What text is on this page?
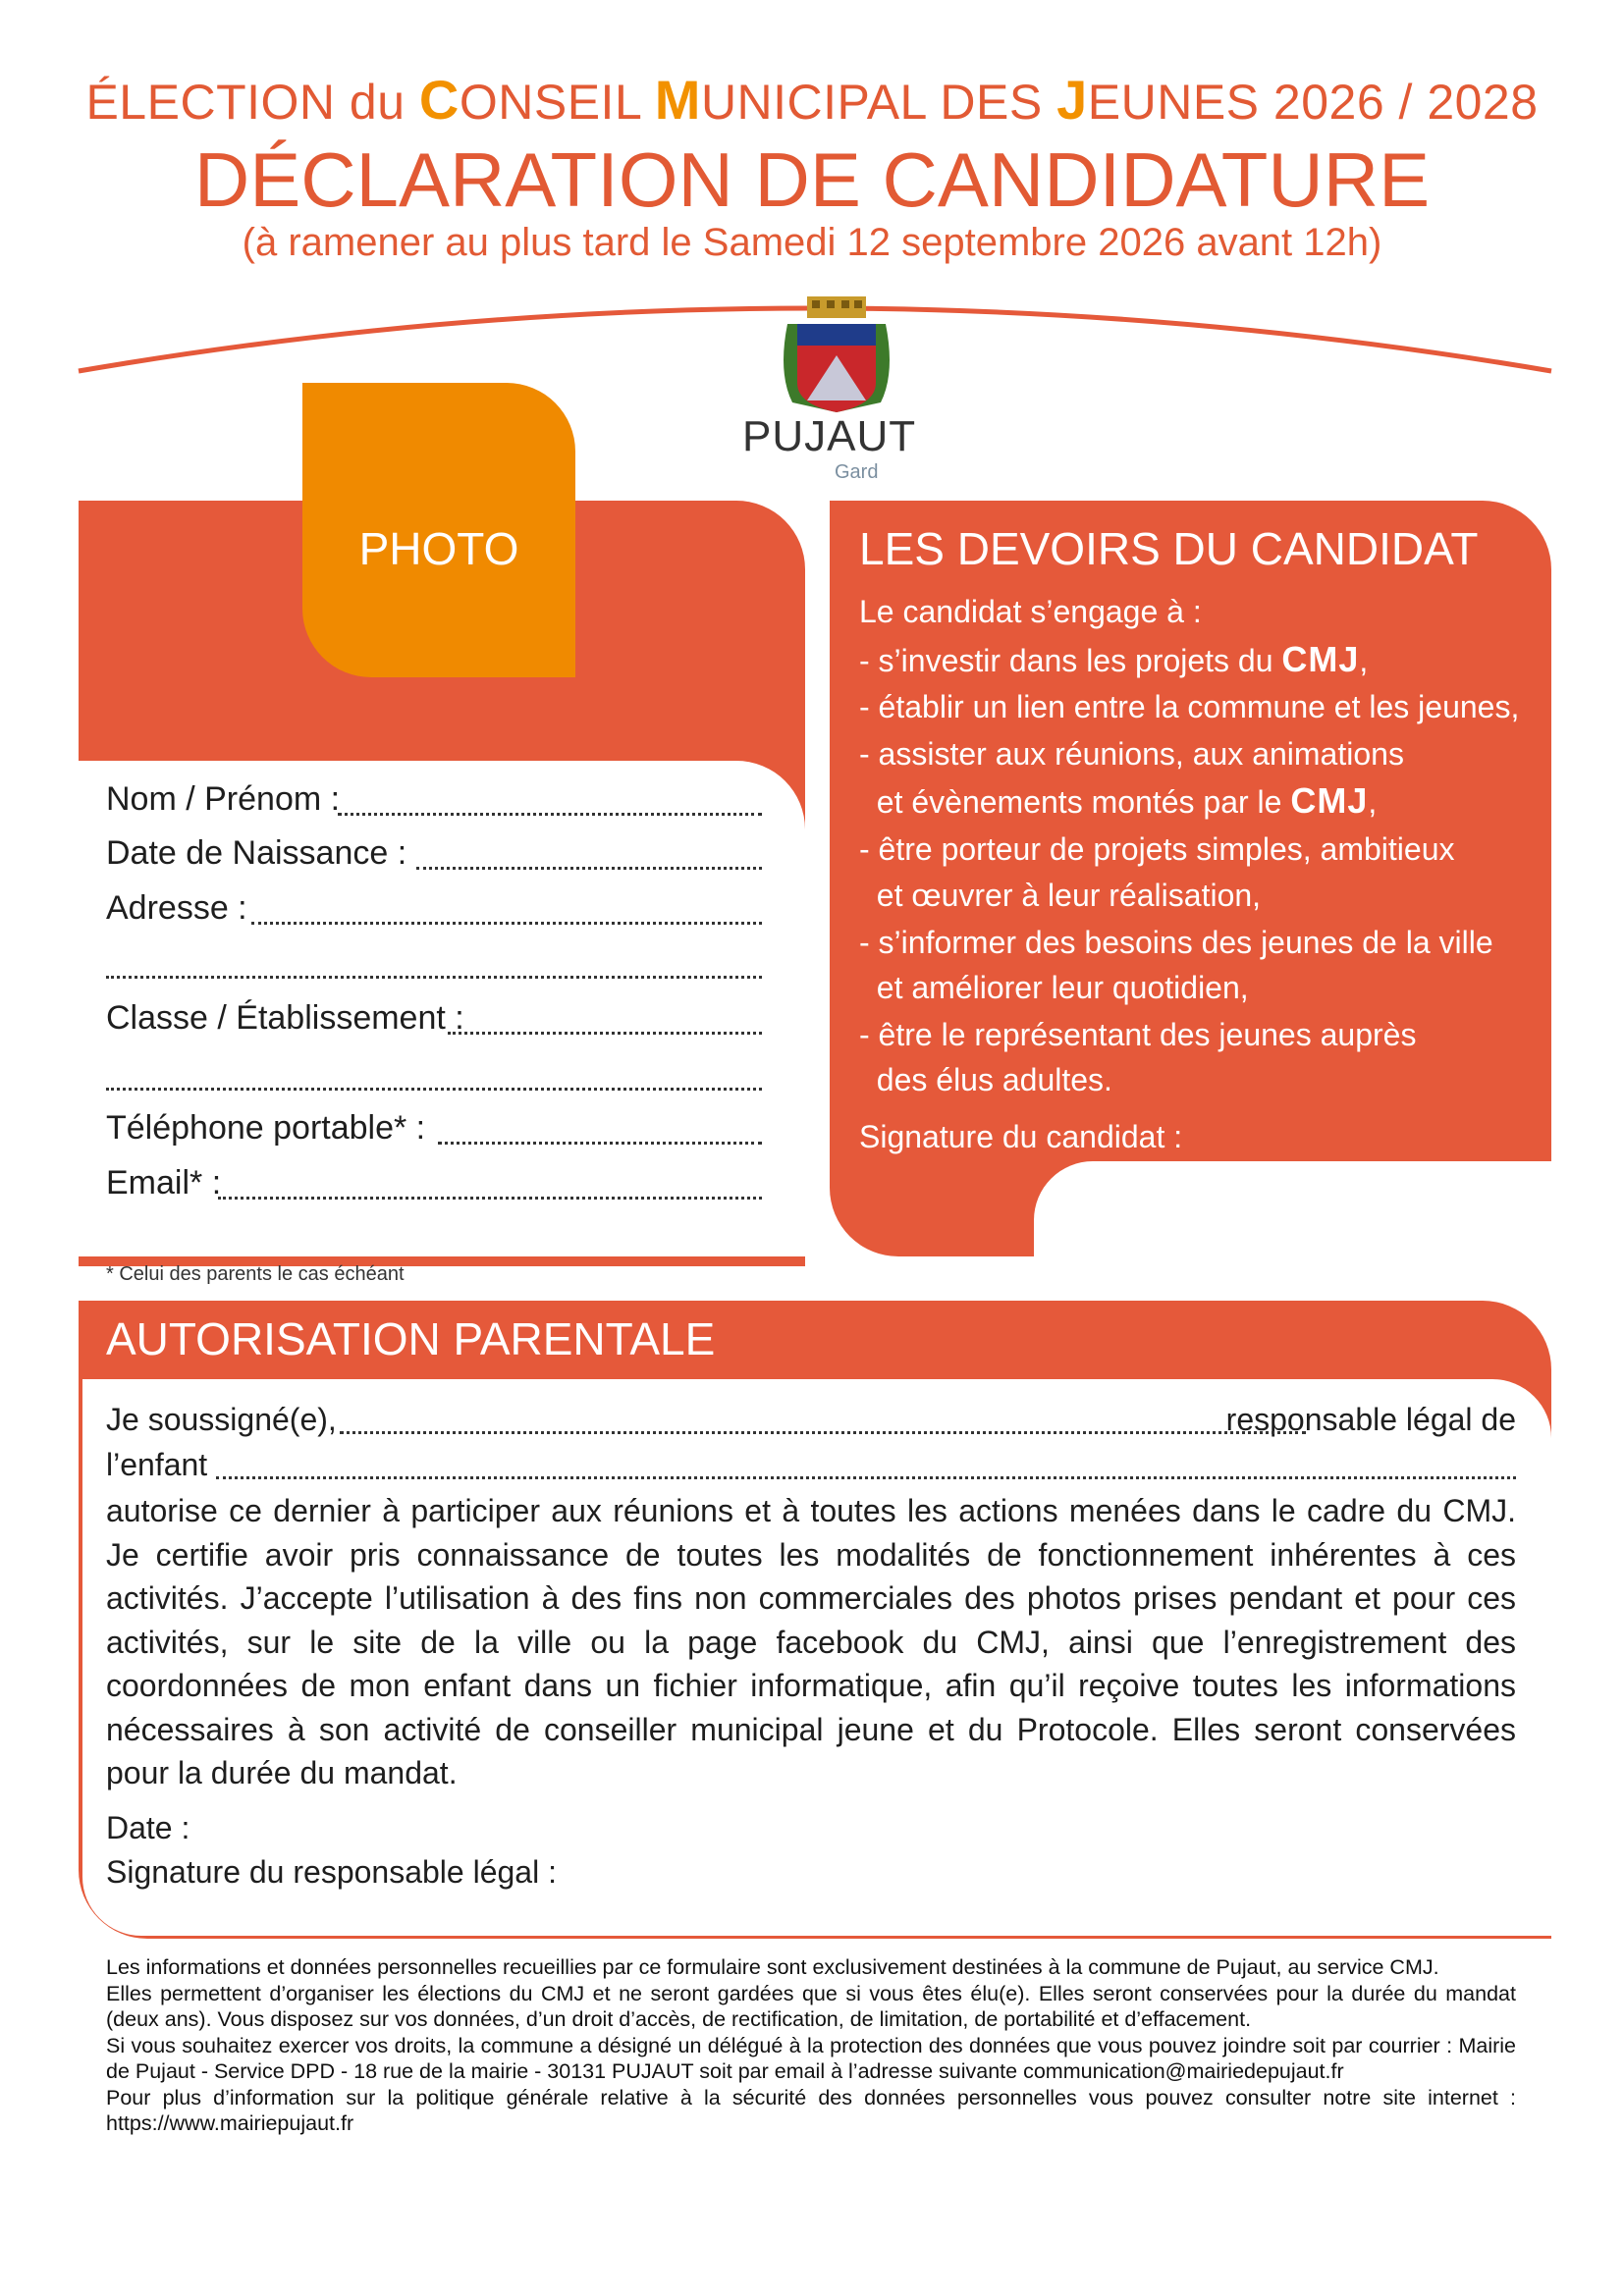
ÉLECTION du CONSEIL MUNICIPAL DES JEUNES 2026 / 2028
DÉCLARATION DE CANDIDATURE
(à ramener au plus tard le Samedi 12 septembre 2026 avant 12h)
PUJAUT
Gard
PHOTO
Nom / Prénom :
Date de Naissance :
Adresse :
Classe / Établissement :
Téléphone portable* :
Email* :
* Celui des parents le cas échéant
LES DEVOIRS DU CANDIDAT
Le candidat s’engage à :
- s’investir dans les projets du CMJ,
- établir un lien entre la commune et les jeunes,
- assister aux réunions, aux animations
et évènements montés par le CMJ,
- être porteur de projets simples, ambitieux
et œuvrer à leur réalisation,
- s’informer des besoins des jeunes de la ville
et améliorer leur quotidien,
- être le représentant des jeunes auprès
des élus adultes.
Signature du candidat :
AUTORISATION PARENTALE
Je soussigné(e),	responsable légal de
l’enfant
autorise ce dernier à participer aux réunions et à toutes les actions menées dans le cadre du CMJ. Je certifie avoir pris connaissance de toutes les modalités de fonctionnement inhérentes à ces activités. J’accepte l’utilisation à des fins non commerciales des photos prises pendant et pour ces activités, sur le site de la ville ou la page facebook du CMJ, ainsi que l’enregistrement des coordonnées de mon enfant dans un fichier informatique, afin qu’il reçoive toutes les informations nécessaires à son activité de conseiller municipal jeune et du Protocole. Elles seront conservées pour la durée du mandat.
Date :
Signature du responsable légal :

Les informations et données personnelles recueillies par ce formulaire sont exclusivement destinées à la commune de Pujaut, au service CMJ.

Elles permettent d’organiser les élections du CMJ et ne seront gardées que si vous êtes élu(e). Elles seront conservées pour la durée du mandat (deux ans). Vous disposez sur vos données, d’un droit d’accès, de rectification, de limitation, de portabilité et d’effacement.

Si vous souhaitez exercer vos droits, la commune a désigné un délégué à la protection des données que vous pouvez joindre soit par courrier : Mairie de Pujaut - Service DPD - 18 rue de la mairie - 30131 PUJAUT soit par email à l’adresse suivante communication@mairiedepujaut.fr

Pour plus d’information sur la politique générale relative à la sécurité des données personnelles vous pouvez consulter notre site internet : https://www.mairiepujaut.fr
